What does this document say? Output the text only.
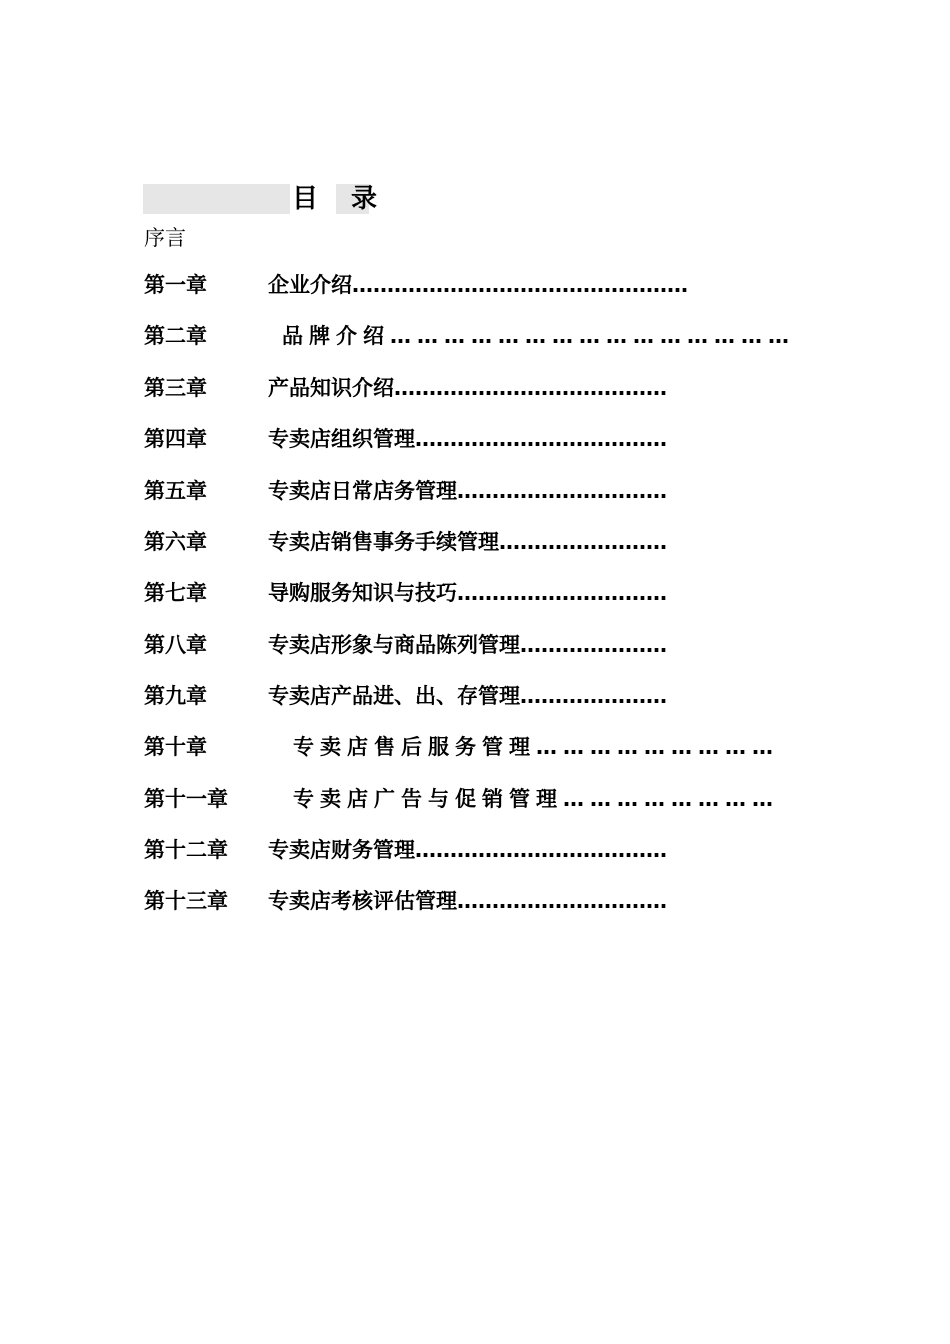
目 录
序言
第一章	企业介绍…………………………………………
第二章	品牌介绍………………………………………
第三章	产品知识介绍…………………………………
第四章	专卖店组织管理………………………………
第五章	专卖店日常店务管理…………………………
第六章	专卖店销售事务手续管理……………………
第七章	导购服务知识与技巧…………………………
第八章	专卖店形象与商品陈列管理…………………
第九章	专卖店产品进、出、存管理…………………
第十章	专卖店售后服务管理………………………
第十一章	专卖店广告与促销管理……………………
第十二章 专卖店财务管理………………………………
第十三章 专卖店考核评估管理…………………………
